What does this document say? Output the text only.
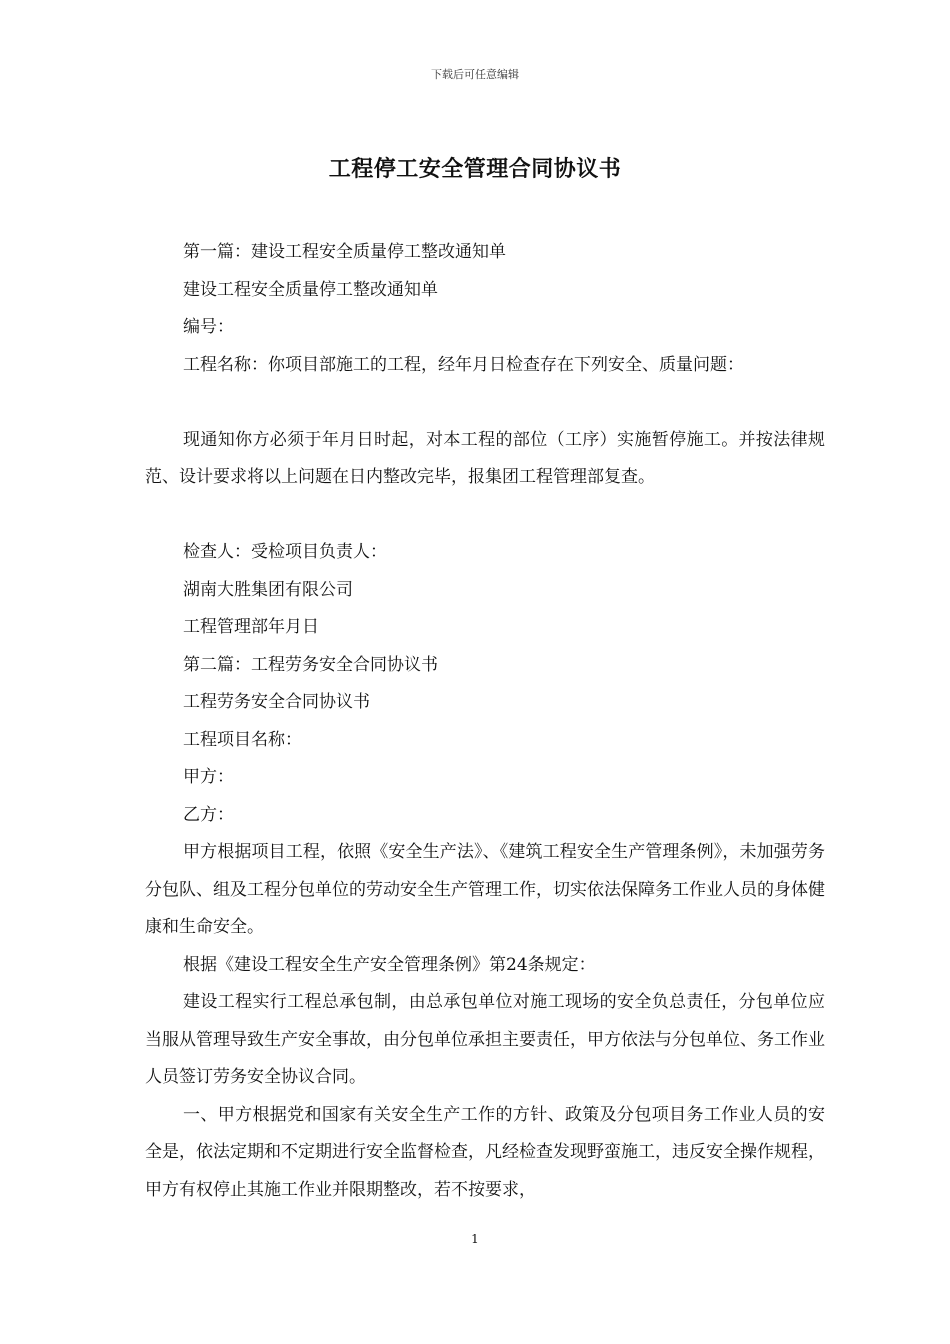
下载后可任意编辑
工程停工安全管理合同协议书

第一篇：建设工程安全质量停工整改通知单

建设工程安全质量停工整改通知单

编号：

工程名称：你项目部施工的工程，经年月日检查存在下列安全、质量问题：

现通知你方必须于年月日时起，对本工程的部位（工序）实施暂停施工。并按法律规范、设计要求将以上问题在日内整改完毕，报集团工程管理部复查。

检查人：受检项目负责人：

湖南大胜集团有限公司

工程管理部年月日

第二篇：工程劳务安全合同协议书

工程劳务安全合同协议书

工程项目名称：

甲方：

乙方：

甲方根据项目工程，依照《安全生产法》、《建筑工程安全生产管理条例》，未加强劳务分包队、组及工程分包单位的劳动安全生产管理工作，切实依法保障务工作业人员的身体健康和生命安全。

根据《建设工程安全生产安全管理条例》第24条规定：

建设工程实行工程总承包制，由总承包单位对施工现场的安全负总责任，分包单位应当服从管理导致生产安全事故，由分包单位承担主要责任，甲方依法与分包单位、务工作业人员签订劳务安全协议合同。

一、甲方根据党和国家有关安全生产工作的方针、政策及分包项目务工作业人员的安全是，依法定期和不定期进行安全监督检查，凡经检查发现野蛮施工，违反安全操作规程，甲方有权停止其施工作业并限期整改，若不按要求，

1
